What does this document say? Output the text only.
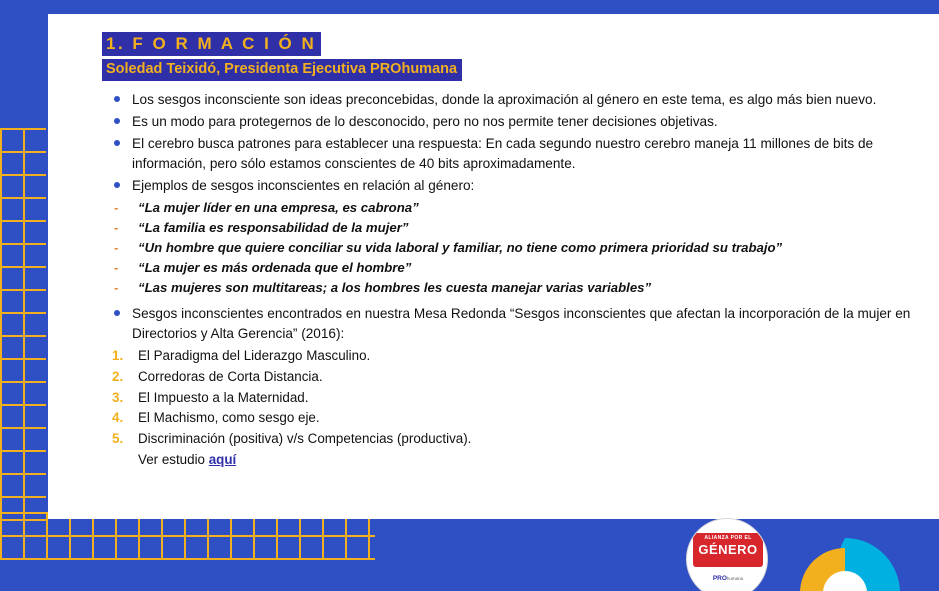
1. F O R M A C I Ó N
Soledad Teixidó, Presidenta Ejecutiva PROhumana
Los sesgos inconsciente son ideas preconcebidas, donde la aproximación al género en este tema, es algo más bien nuevo.
Es un modo para protegernos de lo desconocido, pero no nos permite tener decisiones objetivas.
El cerebro busca patrones para establecer una respuesta: En cada segundo nuestro cerebro maneja 11 millones de bits de información, pero sólo estamos conscientes de 40 bits aproximadamente.
Ejemplos de sesgos inconscientes en relación al género:
- “La mujer líder en una empresa, es cabrona”
- “La familia es responsabilidad de la mujer”
- “Un hombre que quiere conciliar su vida laboral y familiar, no tiene como primera prioridad su trabajo”
- “La mujer es más ordenada que el hombre”
- “Las mujeres son multitareas; a los hombres les cuesta manejar varias variables”
Sesgos inconscientes encontrados en nuestra Mesa Redonda “Sesgos inconscientes que afectan la incorporación de la mujer en Directorios y Alta Gerencia” (2016):
1. El Paradigma del Liderazgo Masculino.
2. Corredoras de Corta Distancia.
3. El Impuesto a la Maternidad.
4. El Machismo, como sesgo eje.
5. Discriminación (positiva) v/s Competencias (productiva).
Ver estudio aquí
ALIANZA POR EL
GÉNERO
PROhumana
